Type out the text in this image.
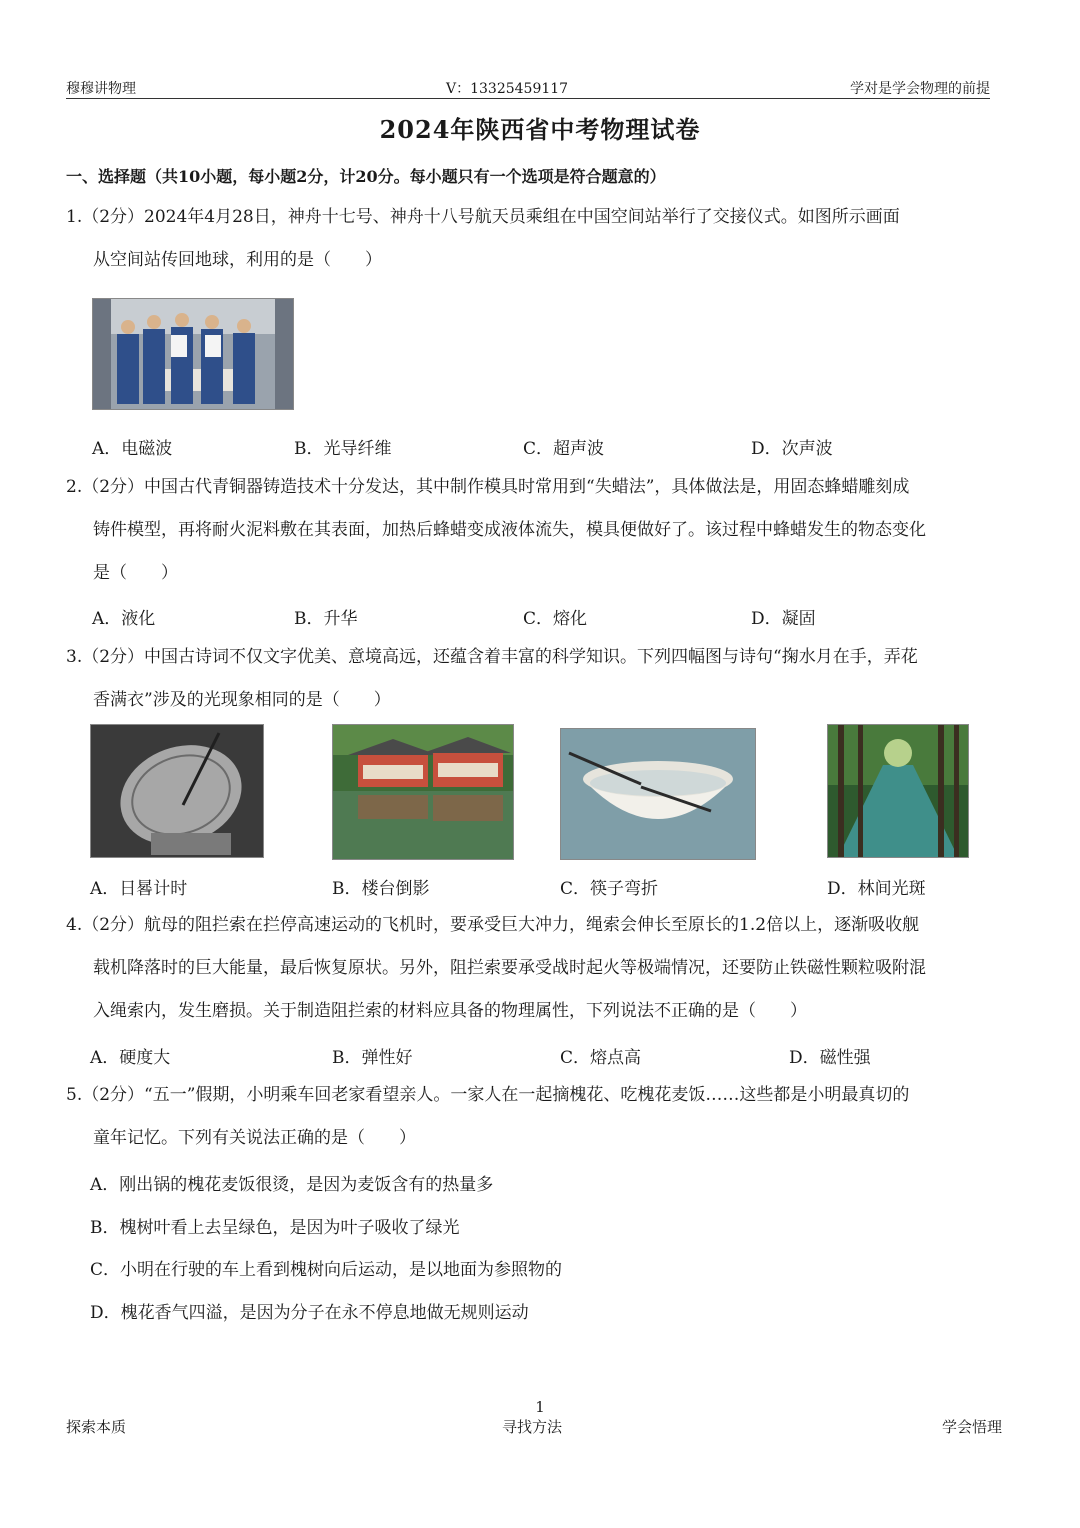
穆穆讲物理	V：13325459117	学对是学会物理的前提
2024年陕西省中考物理试卷
一、选择题（共10小题，每小题2分，计20分。每小题只有一个选项是符合题意的）
1.（2分）2024年4月28日，神舟十七号、神舟十八号航天员乘组在中国空间站举行了交接仪式。如图所示画面
从空间站传回地球，利用的是（　　）
A．电磁波	B．光导纤维	C．超声波	D．次声波
2.（2分）中国古代青铜器铸造技术十分发达，其中制作模具时常用到“失蜡法”，具体做法是，用固态蜂蜡雕刻成
铸件模型，再将耐火泥料敷在其表面，加热后蜂蜡变成液体流失，模具便做好了。该过程中蜂蜡发生的物态变化
是（　　）
A．液化	B．升华	C．熔化	D．凝固
3.（2分）中国古诗词不仅文字优美、意境高远，还蕴含着丰富的科学知识。下列四幅图与诗句“掬水月在手，弄花
香满衣”涉及的光现象相同的是（　　）
A．日晷计时	B．楼台倒影	C．筷子弯折	D．林间光斑
4.（2分）航母的阻拦索在拦停高速运动的飞机时，要承受巨大冲力，绳索会伸长至原长的1.2倍以上，逐渐吸收舰
载机降落时的巨大能量，最后恢复原状。另外，阻拦索要承受战时起火等极端情况，还要防止铁磁性颗粒吸附混
入绳索内，发生磨损。关于制造阻拦索的材料应具备的物理属性，下列说法不正确的是（　　）
A．硬度大	B．弹性好	C．熔点高	D．磁性强
5.（2分）“五一”假期，小明乘车回老家看望亲人。一家人在一起摘槐花、吃槐花麦饭……这些都是小明最真切的
童年记忆。下列有关说法正确的是（　　）
A．刚出锅的槐花麦饭很烫，是因为麦饭含有的热量多
B．槐树叶看上去呈绿色，是因为叶子吸收了绿光
C．小明在行驶的车上看到槐树向后运动，是以地面为参照物的
D．槐花香气四溢，是因为分子在永不停息地做无规则运动
1
探索本质	寻找方法	学会悟理
